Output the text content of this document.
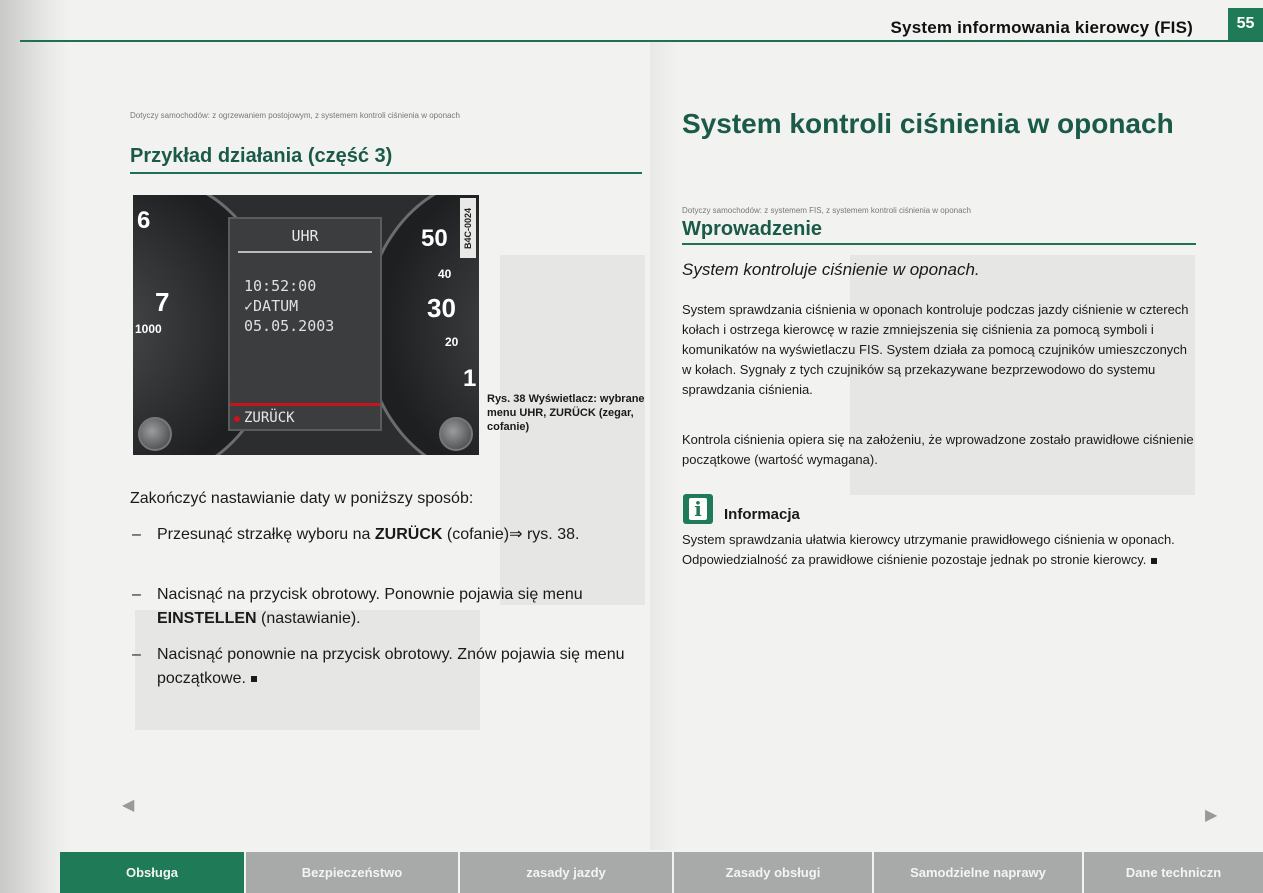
System informowania kierowcy (FIS)	55
Dotyczy samochodów: z ogrzewaniem postojowym, z systemem kontroli ciśnienia w oponach
Przykład działania (część 3)
6
7
1000
50
40
30
20
1
UHR
10:52:00
✓DATUM
05.05.2003
ZURÜCK
B4C-0024
Rys. 38 Wyświetlacz: wybrane menu UHR, ZURÜCK (zegar, cofanie)
Zakończyć nastawianie daty w poniższy sposób:
– Przesunąć strzałkę wyboru na ZURÜCK (cofanie)⇒ rys. 38.
– Nacisnąć na przycisk obrotowy. Ponownie pojawia się menu EINSTELLEN (nastawianie).
– Nacisnąć ponownie na przycisk obrotowy. Znów pojawia się menu początkowe.
◀
▶
System kontroli ciśnienia w oponach
Dotyczy samochodów: z systemem FIS, z systemem kontroli ciśnienia w oponach
Wprowadzenie
System kontroluje ciśnienie w oponach.
System sprawdzania ciśnienia w oponach kontroluje podczas jazdy ciśnienie w czterech kołach i ostrzega kierowcę w razie zmniejszenia się ciśnienia za pomocą symboli i komunikatów na wyświetlaczu FIS. System działa za pomocą czujników umieszczonych w kołach. Sygnały z tych czujników są przekazywane bezprzewodowo do systemu sprawdzania ciśnienia.
Kontrola ciśnienia opiera się na założeniu, że wprowadzone zostało prawidłowe ciśnienie początkowe (wartość wymagana).
i	Informacja
System sprawdzania ułatwia kierowcy utrzymanie prawidłowego ciśnienia w oponach. Odpowiedzialność za prawidłowe ciśnienie pozostaje jednak po stronie kierowcy.
Obsługa	Bezpieczeństwo	zasady jazdy	Zasady obsługi	Samodzielne naprawy	Dane techniczn
